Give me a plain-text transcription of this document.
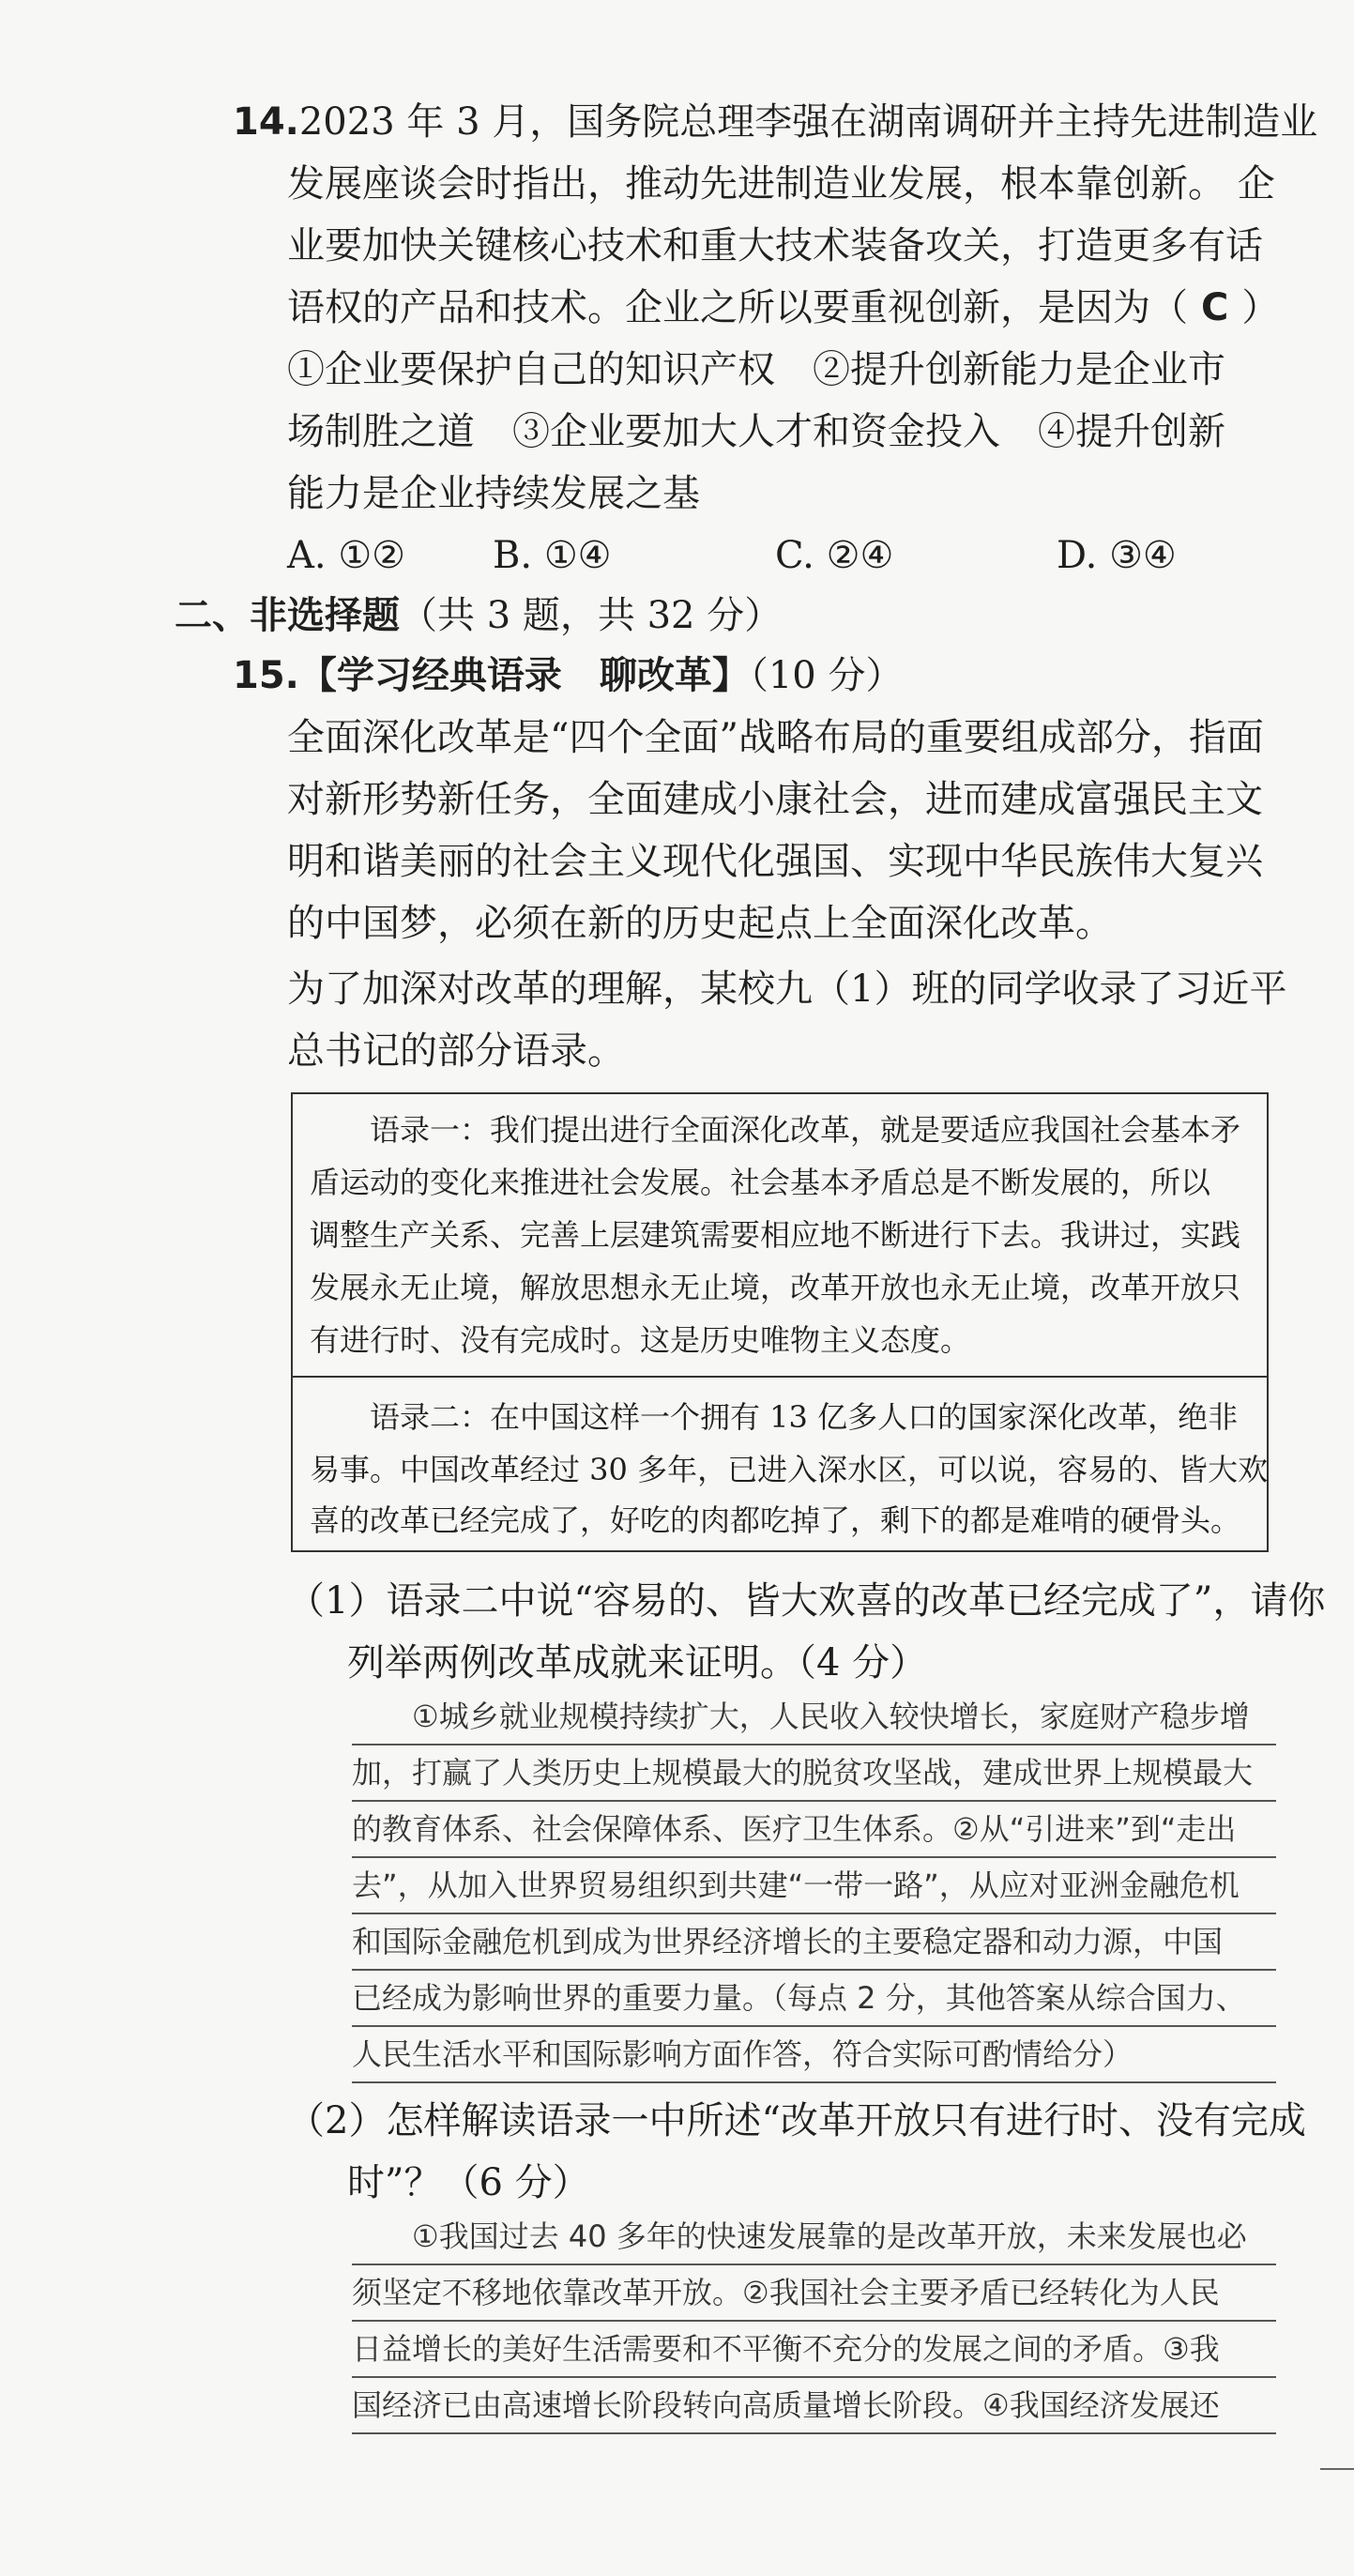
14.2023 年 3 月，国务院总理李强在湖南调研并主持先进制造业
发展座谈会时指出，推动先进制造业发展，根本靠创新。 企
业要加快关键核心技术和重大技术装备攻关，打造更多有话
语权的产品和技术。企业之所以要重视创新，是因为（ C ）
①企业要保护自己的知识产权　②提升创新能力是企业市
场制胜之道　③企业要加大人才和资金投入　④提升创新
能力是企业持续发展之基
A. ①② B. ①④	C. ②④	D. ③④
二、非选择题（共 3 题，共 32 分）
15.【学习经典语录　聊改革】（10 分）
全面深化改革是“四个全面”战略布局的重要组成部分，指面
对新形势新任务，全面建成小康社会，进而建成富强民主文
明和谐美丽的社会主义现代化强国、实现中华民族伟大复兴
的中国梦，必须在新的历史起点上全面深化改革。
为了加深对改革的理解，某校九（1）班的同学收录了习近平
总书记的部分语录。
　　语录一：我们提出进行全面深化改革，就是要适应我国社会基本矛
盾运动的变化来推进社会发展。社会基本矛盾总是不断发展的，所以
调整生产关系、完善上层建筑需要相应地不断进行下去。我讲过，实践
发展永无止境，解放思想永无止境，改革开放也永无止境，改革开放只
有进行时、没有完成时。这是历史唯物主义态度。
　　语录二：在中国这样一个拥有 13 亿多人口的国家深化改革，绝非
易事。中国改革经过 30 多年，已进入深水区，可以说，容易的、皆大欢
喜的改革已经完成了，好吃的肉都吃掉了，剩下的都是难啃的硬骨头。
（1）语录二中说“容易的、皆大欢喜的改革已经完成了”，请你
列举两例改革成就来证明。（4 分）
　　①城乡就业规模持续扩大，人民收入较快增长，家庭财产稳步增
加，打赢了人类历史上规模最大的脱贫攻坚战，建成世界上规模最大
的教育体系、社会保障体系、医疗卫生体系。②从“引进来”到“走出
去”，从加入世界贸易组织到共建“一带一路”，从应对亚洲金融危机
和国际金融危机到成为世界经济增长的主要稳定器和动力源，中国
已经成为影响世界的重要力量。（每点 2 分，其他答案从综合国力、
人民生活水平和国际影响方面作答，符合实际可酌情给分）
（2）怎样解读语录一中所述“改革开放只有进行时、没有完成
时”？（6 分）
　　①我国过去 40 多年的快速发展靠的是改革开放，未来发展也必
须坚定不移地依靠改革开放。②我国社会主要矛盾已经转化为人民
日益增长的美好生活需要和不平衡不充分的发展之间的矛盾。③我
国经济已由高速增长阶段转向高质量增长阶段。④我国经济发展还
